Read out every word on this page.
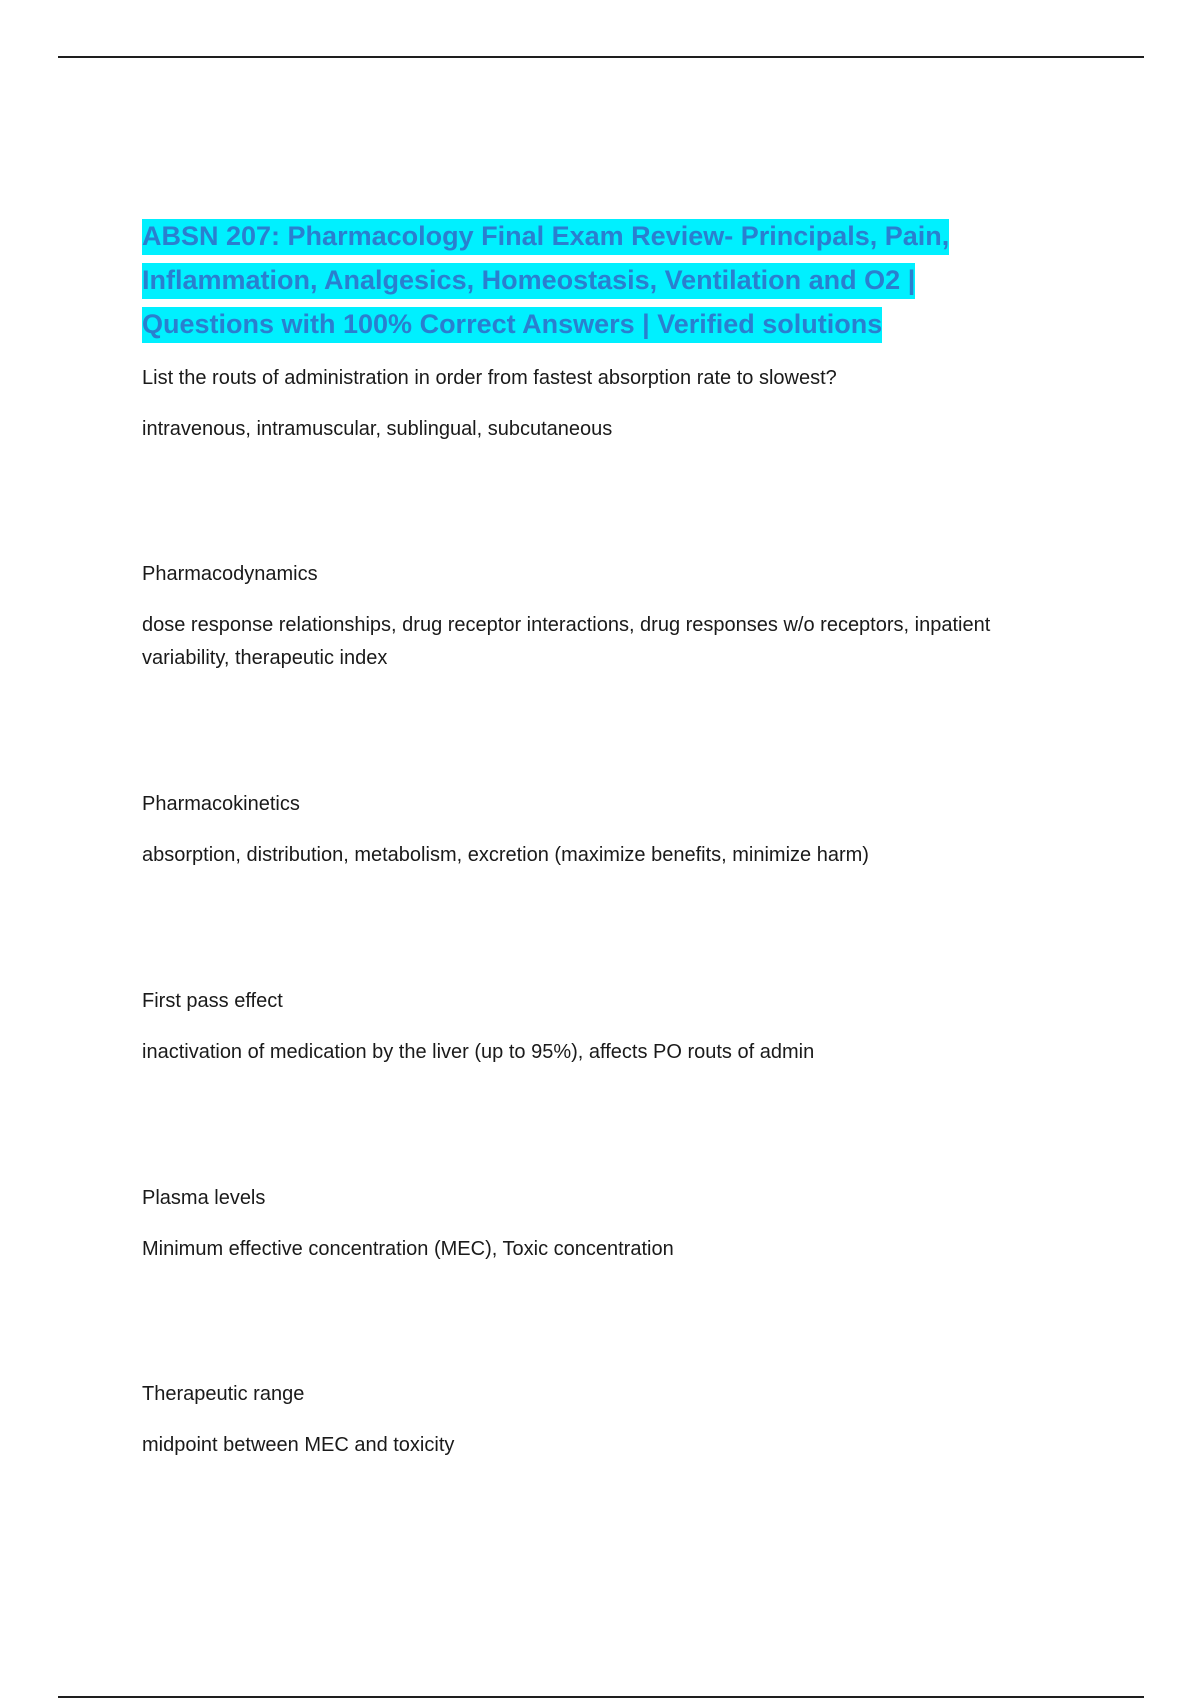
ABSN 207: Pharmacology Final Exam Review- Principals, Pain, Inflammation, Analgesics, Homeostasis, Ventilation and O2 | Questions with 100% Correct Answers | Verified solutions

List the routs of administration in order from fastest absorption rate to slowest?

intravenous, intramuscular, sublingual, subcutaneous

Pharmacodynamics

dose response relationships, drug receptor interactions, drug responses w/o receptors, inpatient variability, therapeutic index

Pharmacokinetics

absorption, distribution, metabolism, excretion (maximize benefits, minimize harm)

First pass effect

inactivation of medication by the liver (up to 95%), affects PO routs of admin

Plasma levels

Minimum effective concentration (MEC), Toxic concentration

Therapeutic range

midpoint between MEC and toxicity
